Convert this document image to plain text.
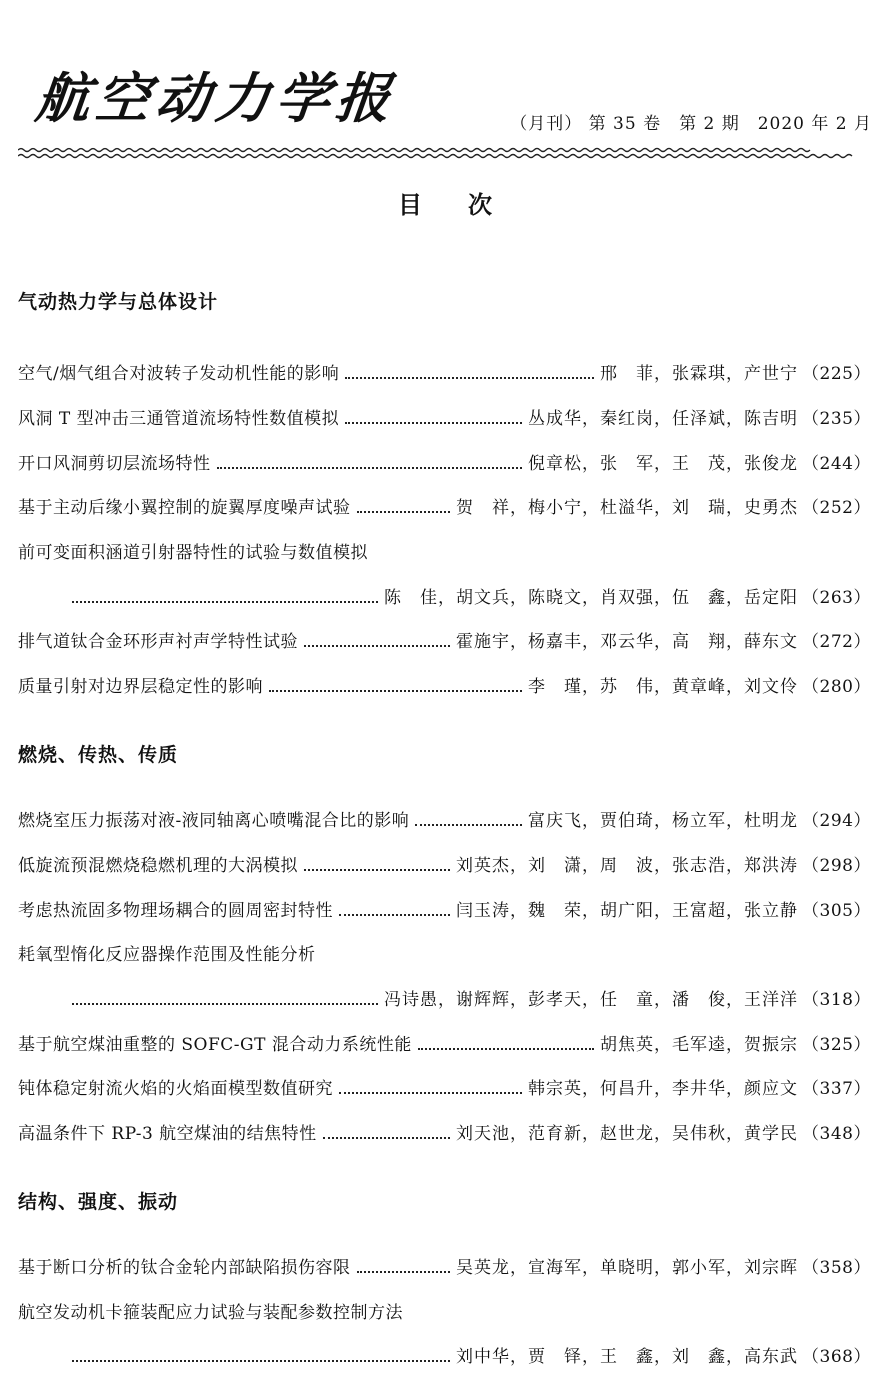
航空动力学报	（月刊） 第 35 卷　第 2 期　2020 年 2 月
目次
气动热力学与总体设计
空气/烟气组合对波转子发动机性能的影响	邢　菲，张霖琪，产世宁 （225）
风洞 T 型冲击三通管道流场特性数值模拟	丛成华，秦红岗，任泽斌，陈吉明 （235）
开口风洞剪切层流场特性	倪章松，张　军，王　茂，张俊龙 （244）
基于主动后缘小翼控制的旋翼厚度噪声试验	贺　祥，梅小宁，杜溢华，刘　瑞，史勇杰 （252）
前可变面积涵道引射器特性的试验与数值模拟
陈　佳，胡文兵，陈晓文，肖双强，伍　鑫，岳定阳 （263）
排气道钛合金环形声衬声学特性试验	霍施宇，杨嘉丰，邓云华，高　翔，薛东文 （272）
质量引射对边界层稳定性的影响	李　瑾，苏　伟，黄章峰，刘文伶 （280）
燃烧、传热、传质
燃烧室压力振荡对液-液同轴离心喷嘴混合比的影响	富庆飞，贾伯琦，杨立军，杜明龙 （294）
低旋流预混燃烧稳燃机理的大涡模拟	刘英杰，刘　潇，周　波，张志浩，郑洪涛 （298）
考虑热流固多物理场耦合的圆周密封特性	闫玉涛，魏　荣，胡广阳，王富超，张立静 （305）
耗氧型惰化反应器操作范围及性能分析
冯诗愚，谢辉辉，彭孝天，任　童，潘　俊，王洋洋 （318）
基于航空煤油重整的 SOFC-GT 混合动力系统性能	胡焦英，毛军逵，贺振宗 （325）
钝体稳定射流火焰的火焰面模型数值研究	韩宗英，何昌升，李井华，颜应文 （337）
高温条件下 RP-3 航空煤油的结焦特性	刘天池，范育新，赵世龙，吴伟秋，黄学民 （348）
结构、强度、振动
基于断口分析的钛合金轮内部缺陷损伤容限	吴英龙，宣海军，单晓明，郭小军，刘宗晖 （358）
航空发动机卡箍装配应力试验与装配参数控制方法
刘中华，贾　铎，王　鑫，刘　鑫，高东武 （368）
